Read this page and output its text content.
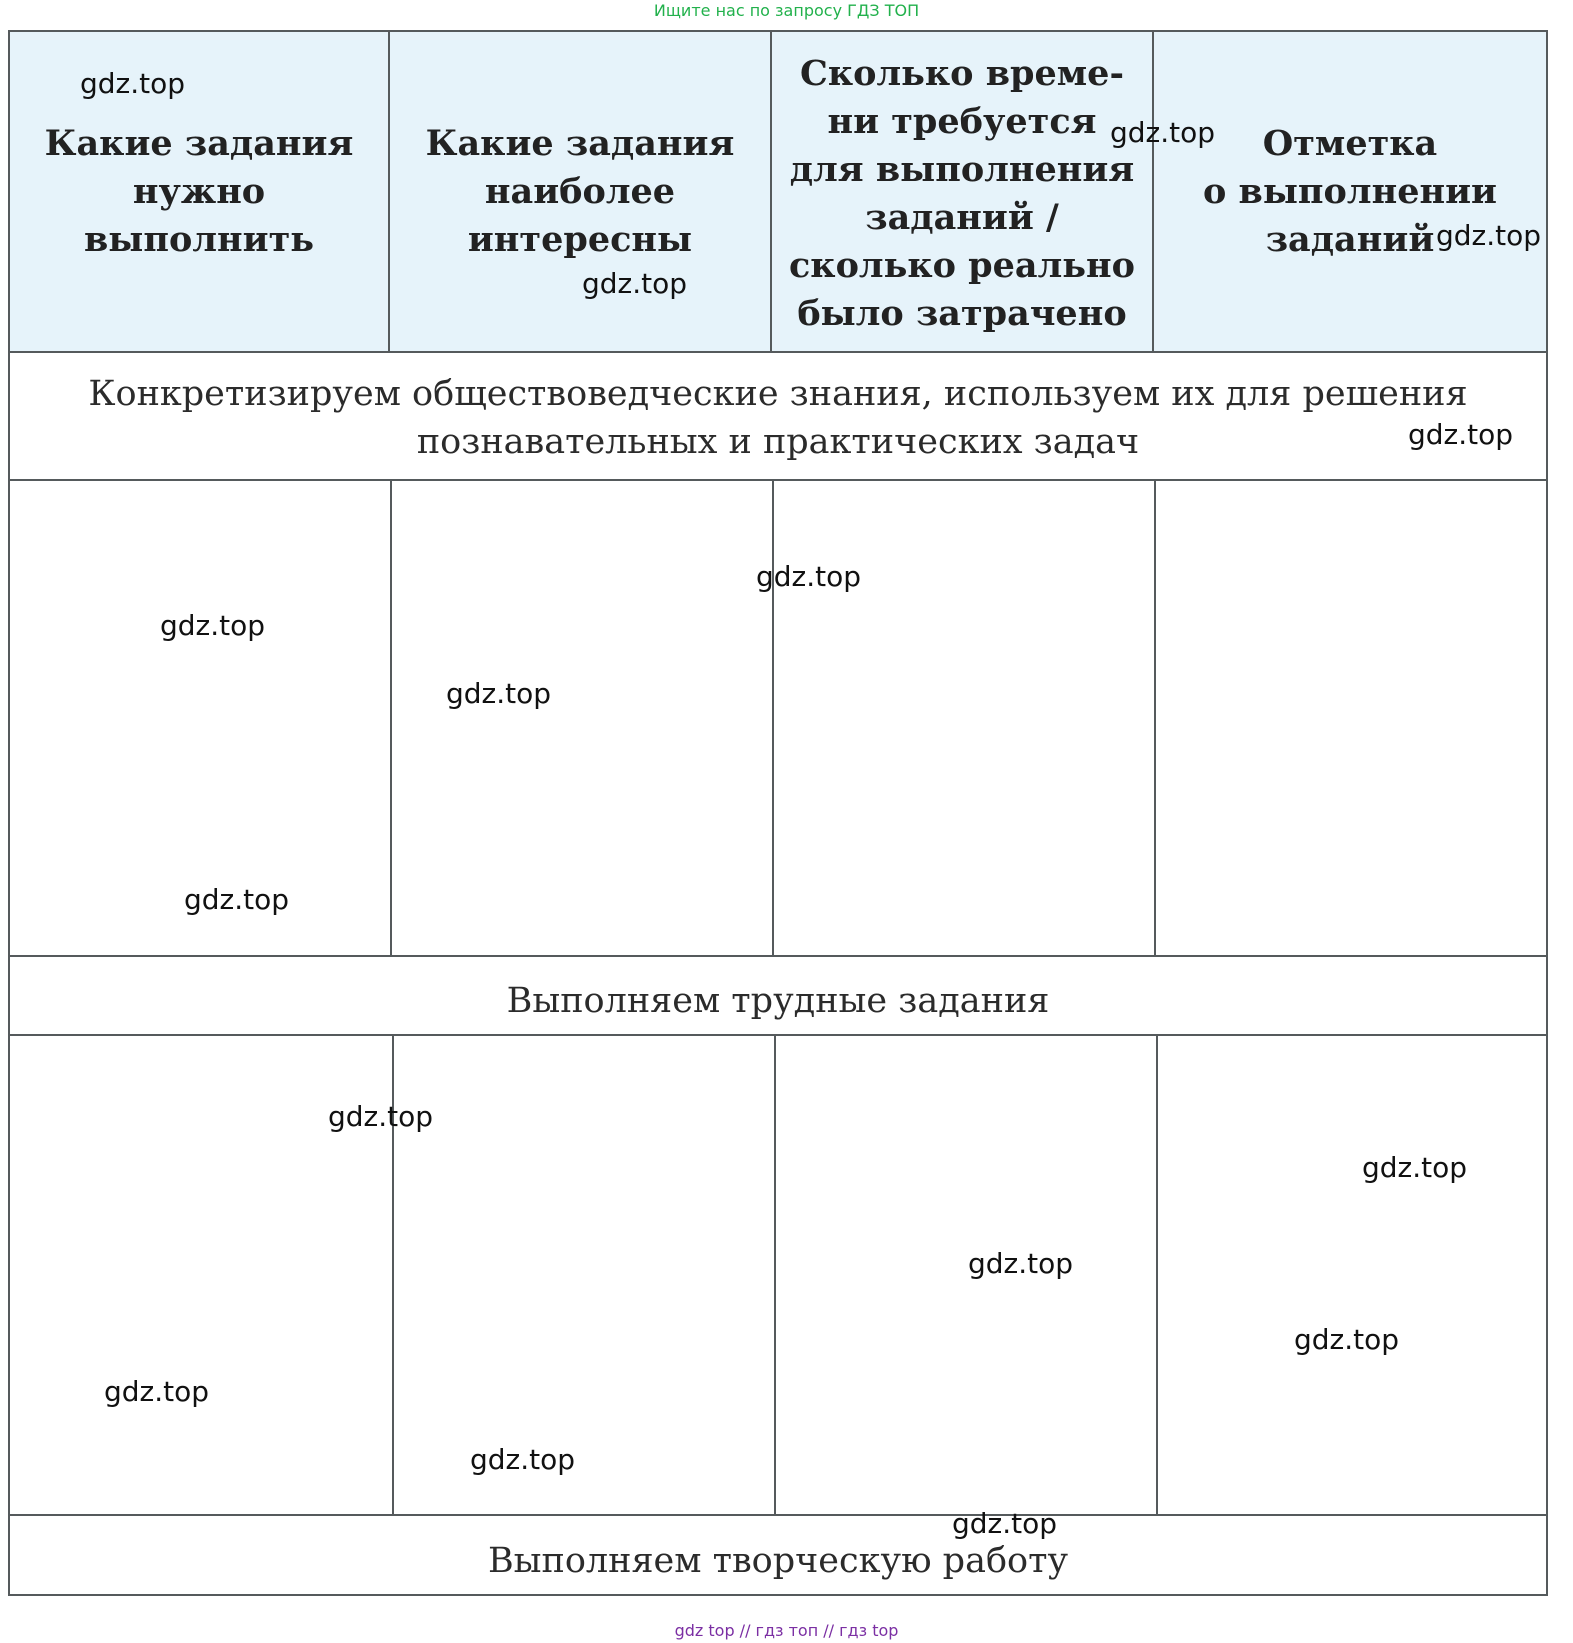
Ищите нас по запросу ГДЗ ТОП
Какие задания
нужно
выполнить
Какие задания
наиболее
интересны
Сколько време-
ни требуется
для выполнения
заданий /
сколько реально
было затрачено
Отметка
о выполнении
заданий
Конкретизируем обществоведческие знания, используем их для решения
познавательных и практических задач
Выполняем трудные задания
Выполняем творческую работу
gdz.top
gdz.top
gdz.top
gdz.top
gdz.top
gdz.top
gdz.top
gdz.top
gdz.top
gdz.top
gdz.top
gdz.top
gdz.top
gdz.top
gdz.top
gdz.top
gdz top // гдз топ // гдз top
